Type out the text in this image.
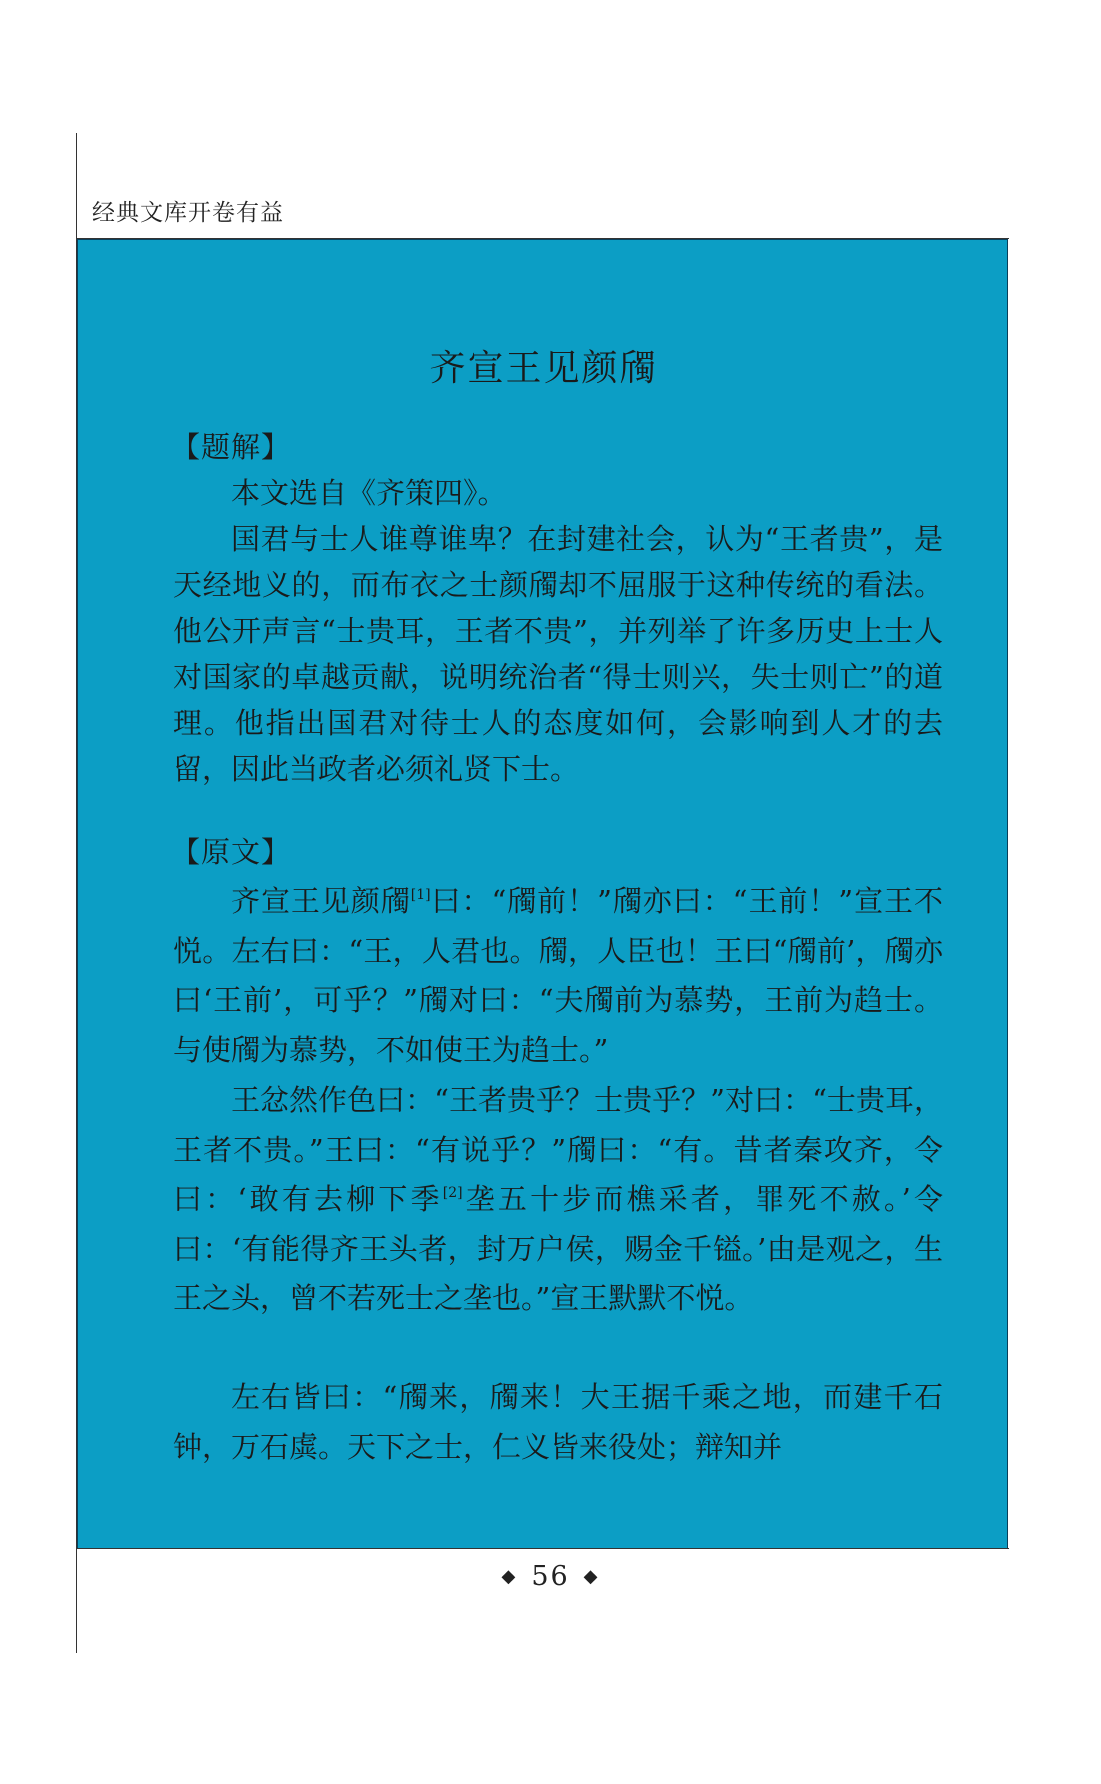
经典文库开卷有益
齐宣王见颜斶
【题解】

本文选自《齐策四》。

国君与士人谁尊谁卑？在封建社会，认为“王者贵”，是天经地义的，而布衣之士颜斶却不屈服于这种传统的看法。他公开声言“士贵耳，王者不贵”，并列举了许多历史上士人对国家的卓越贡献，说明统治者“得士则兴，失士则亡”的道理。他指出国君对待士人的态度如何，会影响到人才的去留，因此当政者必须礼贤下士。

【原文】

齐宣王见颜斶[1]曰：“斶前！”斶亦曰：“王前！”宣王不悦。左右曰：“王，人君也。斶，人臣也！王曰“斶前’，斶亦曰‘王前’，可乎？”斶对曰：“夫斶前为慕势，王前为趋士。与使斶为慕势，不如使王为趋士。”

王忿然作色曰：“王者贵乎？士贵乎？”对曰：“士贵耳，王者不贵。”王曰：“有说乎？”斶曰：“有。昔者秦攻齐，令曰：‘敢有去柳下季[2]垄五十步而樵采者，罪死不赦。’令曰：‘有能得齐王头者，封万户侯，赐金千镒。’由是观之，生王之头，曾不若死士之垄也。”宣王默默不悦。

左右皆曰：“斶来，斶来！大王据千乘之地，而建千石钟，万石虡。天下之士，仁义皆来役处；辩知并

◆ 56 ◆
